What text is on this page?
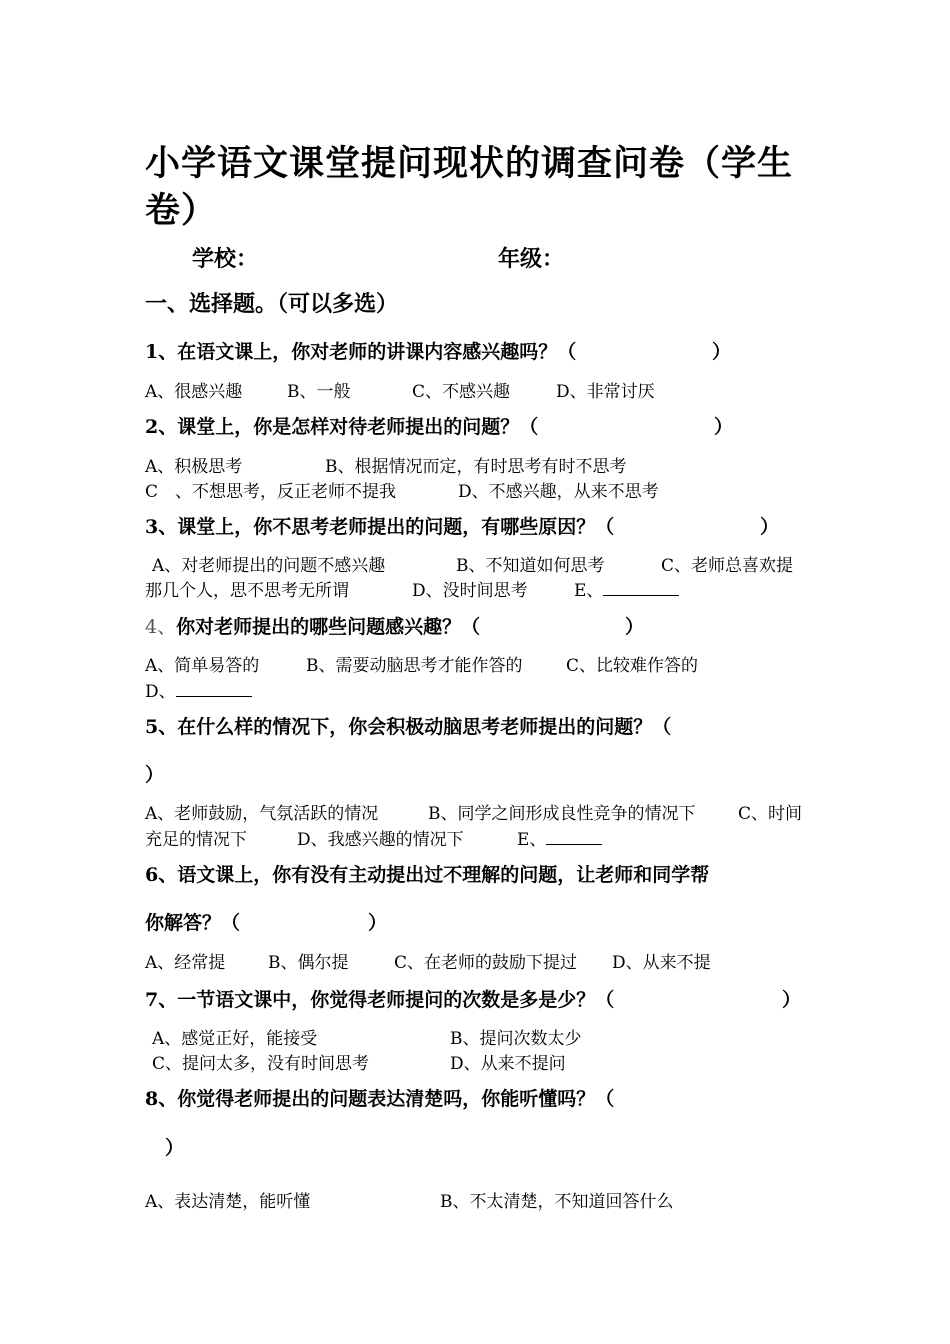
小学语文课堂提问现状的调查问卷（学生
卷）
学校：	年级：
一、选择题。（可以多选）
1、在语文课上，你对老师的讲课内容感兴趣吗？（	）
A、很感兴趣	B、一般	C、不感兴趣	D、非常讨厌
2、课堂上，你是怎样对待老师提出的问题？（	）
A、积极思考	B、根据情况而定，有时思考有时不思考
C　、不想思考，反正老师不提我	D、不感兴趣，从来不思考
3、课堂上，你不思考老师提出的问题，有哪些原因？（	）
A、对老师提出的问题不感兴趣	B、不知道如何思考	C、老师总喜欢提
那几个人，思不思考无所谓	D、没时间思考	E、
4、你对老师提出的哪些问题感兴趣？（	）
A、简单易答的	B、需要动脑思考才能作答的	C、比较难作答的
D、
5、在什么样的情况下，你会积极动脑思考老师提出的问题？（
）
A、老师鼓励，气氛活跃的情况	B、同学之间形成良性竞争的情况下	C、时间
充足的情况下	D、我感兴趣的情况下	E、
6、语文课上，你有没有主动提出过不理解的问题，让老师和同学帮
你解答？（	）
A、经常提	B、偶尔提	C、在老师的鼓励下提过 D、从来不提
7、一节语文课中，你觉得老师提问的次数是多是少？（	）
A、感觉正好，能接受	B、提问次数太少
C、提问太多，没有时间思考	D、从来不提问
8、你觉得老师提出的问题表达清楚吗，你能听懂吗？（
）
A、表达清楚，能听懂	B、不太清楚，不知道回答什么
